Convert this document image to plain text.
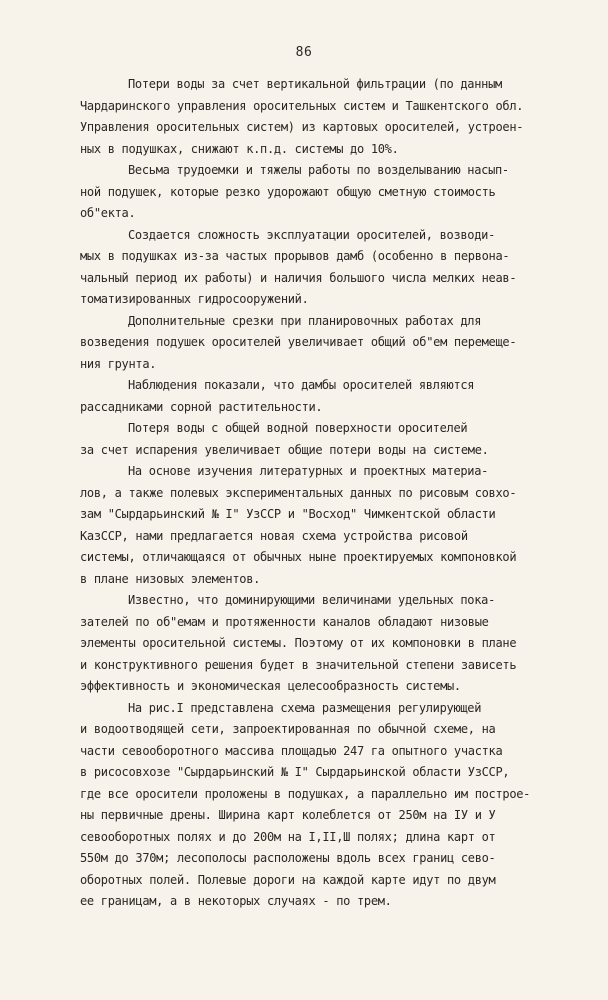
86
Потери воды за счет вертикальной фильтрации (по данным
Чардаринского управления оросительных систем и Ташкентского обл.
Управления оросительных систем) из картовых оросителей, устроен-
ных в подушках, снижают к.п.д. системы до 10%.
Весьма трудоемки и тяжелы работы по возделыванию насып-
ной подушек, которые резко удорожают общую сметную стоимость
об"екта.
Создается сложность эксплуатации оросителей, возводи-
мых в подушках из-за частых прорывов дамб (особенно в первона-
чальный период их работы) и наличия большого числа мелких неав-
томатизированных гидросооружений.
Дополнительные срезки при планировочных работах для
возведения подушек оросителей увеличивает общий об"ем перемеще-
ния грунта.
Наблюдения показали, что дамбы оросителей являются
рассадниками сорной растительности.
Потеря воды с общей водной поверхности оросителей
за счет испарения увеличивает общие потери воды на системе.
На основе изучения литературных и проектных материа-
лов, а также полевых экспериментальных данных по рисовым совхо-
зам "Сырдарьинский № I" УзССР и "Восход" Чимкентской области
КазССР, нами предлагается новая схема устройства рисовой
системы, отличающаяся от обычных ныне проектируемых компоновкой
в плане низовых элементов.
Известно, что доминирующими величинами удельных пока-
зателей по об"емам и протяженности каналов обладают низовые
элементы оросительной системы. Поэтому от их компоновки в плане
и конструктивного решения будет в значительной степени зависеть
эффективность и экономическая целесообразность системы.
На рис.I представлена схема размещения регулирующей
и водоотводящей сети, запроектированная по обычной схеме, на
части севооборотного массива площадью 247 га опытного участка
в рисосовхозе "Сырдарьинский № I" Сырдарьинской области УзССР,
где все оросители проложены в подушках, а параллельно им построе-
ны первичные дрены. Ширина карт колеблется от 250м на IУ и У
севооборотных полях и до 200м на I,II,Ш полях; длина карт от
550м до 370м; лесополосы расположены вдоль всех границ сево-
оборотных полей. Полевые дороги на каждой карте идут по двум
ее границам, а в некоторых случаях - по трем.
